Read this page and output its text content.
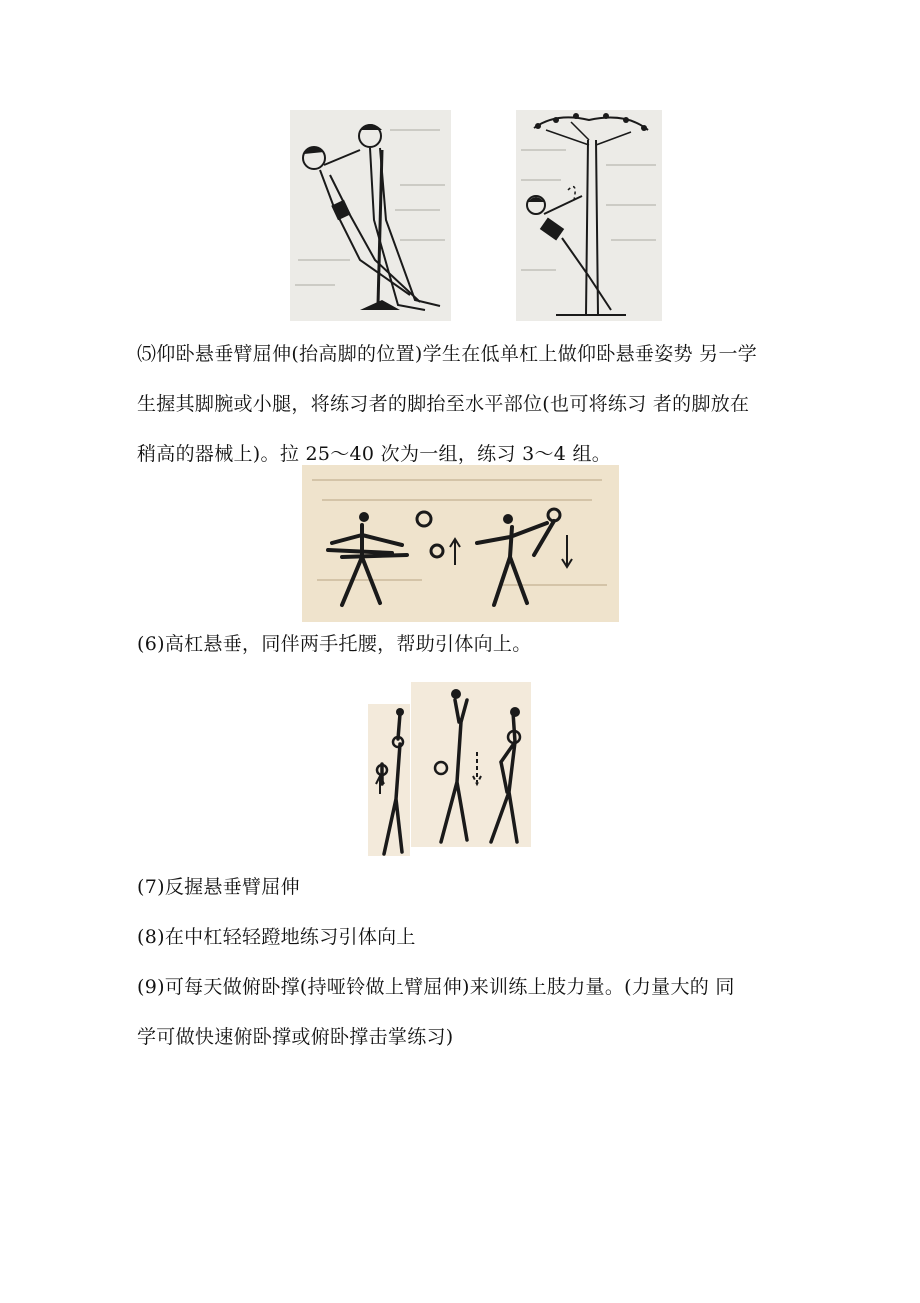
⑸仰卧悬垂臂屈伸(抬高脚的位置)学生在低单杠上做仰卧悬垂姿势 另一学
生握其脚腕或小腿，将练习者的脚抬至水平部位(也可将练习 者的脚放在
稍高的器械上)。拉 25〜40 次为一组，练习 3〜4 组。

(6)高杠悬垂，同伴两手托腰，帮助引体向上。

(7)反握悬垂臂屈伸

(8)在中杠轻轻蹬地练习引体向上

(9)可每天做俯卧撑(持哑铃做上臂屈伸)来训练上肢力量。(力量大的 同
学可做快速俯卧撑或俯卧撑击掌练习)
